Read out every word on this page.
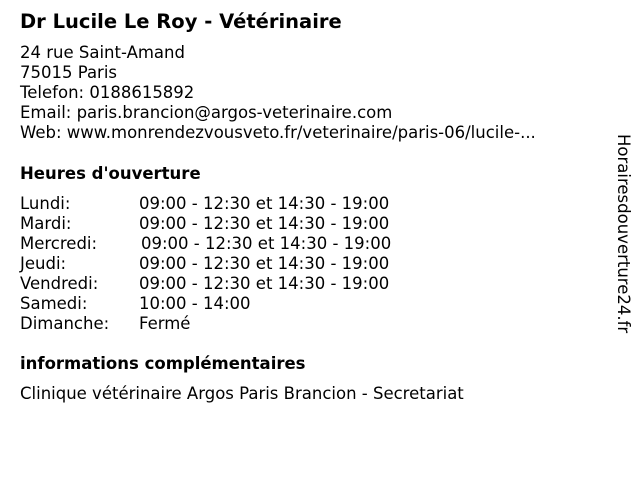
Dr Lucile Le Roy - Vétérinaire
24 rue Saint-Amand
75015 Paris
Telefon: 0188615892
Email: paris.brancion@argos-veterinaire.com
Web: www.monrendezvousveto.fr/veterinaire/paris-06/lucile-...
Heures d'ouverture
Lundi:	09:00 - 12:30 et 14:30 - 19:00
Mardi:	09:00 - 12:30 et 14:30 - 19:00
Mercredi:	09:00 - 12:30 et 14:30 - 19:00
Jeudi:	09:00 - 12:30 et 14:30 - 19:00
Vendredi: 09:00 - 12:30 et 14:30 - 19:00
Samedi:	10:00 - 14:00
Dimanche: Fermé
informations complémentaires
Clinique vétérinaire Argos Paris Brancion - Secretariat
Horairesdouverture24.fr
